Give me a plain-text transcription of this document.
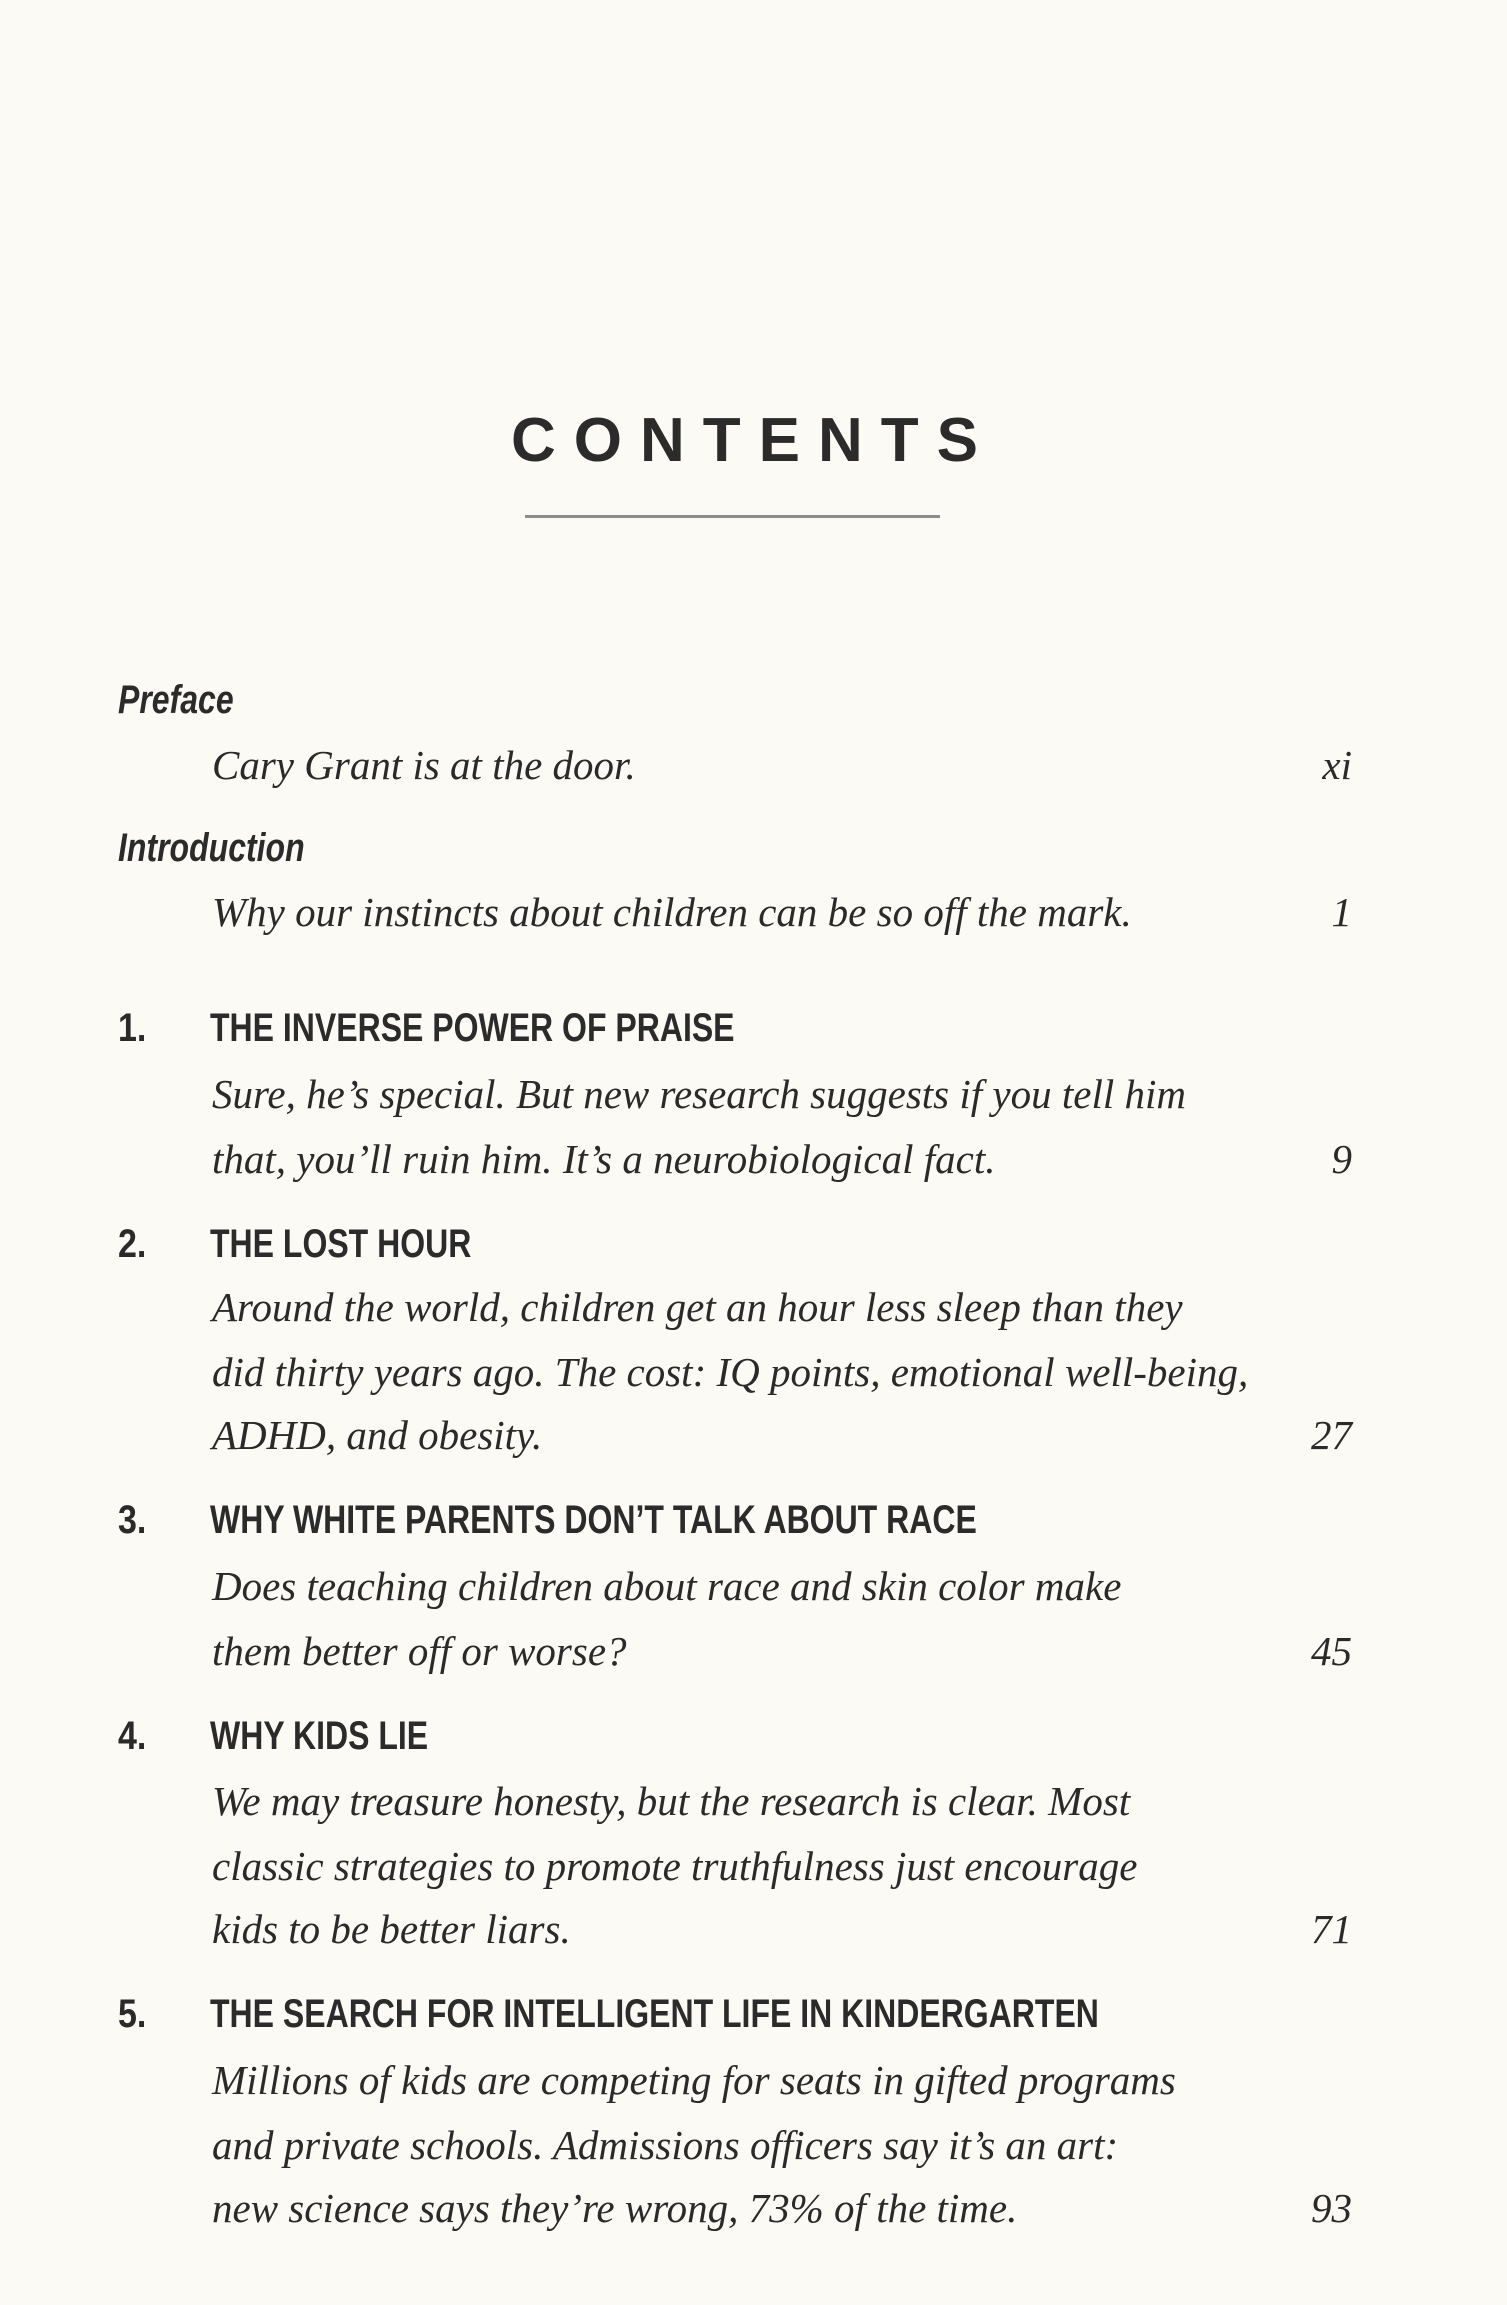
CONTENTS
Preface
Cary Grant is at the door.	xi
Introduction
Why our instincts about children can be so off the mark.	1
1. THE INVERSE POWER OF PRAISE
Sure, he’s special. But new research suggests if you tell him
that, you’ll ruin him. It’s a neurobiological fact.	9
2. THE LOST HOUR
Around the world, children get an hour less sleep than they
did thirty years ago. The cost: IQ points, emotional well-being,
ADHD, and obesity.	27
3. WHY WHITE PARENTS DON’T TALK ABOUT RACE
Does teaching children about race and skin color make
them better off or worse?	45
4. WHY KIDS LIE
We may treasure honesty, but the research is clear. Most
classic strategies to promote truthfulness just encourage
kids to be better liars.	71
5. THE SEARCH FOR INTELLIGENT LIFE IN KINDERGARTEN
Millions of kids are competing for seats in gifted programs
and private schools. Admissions officers say it’s an art:
new science says they’re wrong, 73% of the time.	93
